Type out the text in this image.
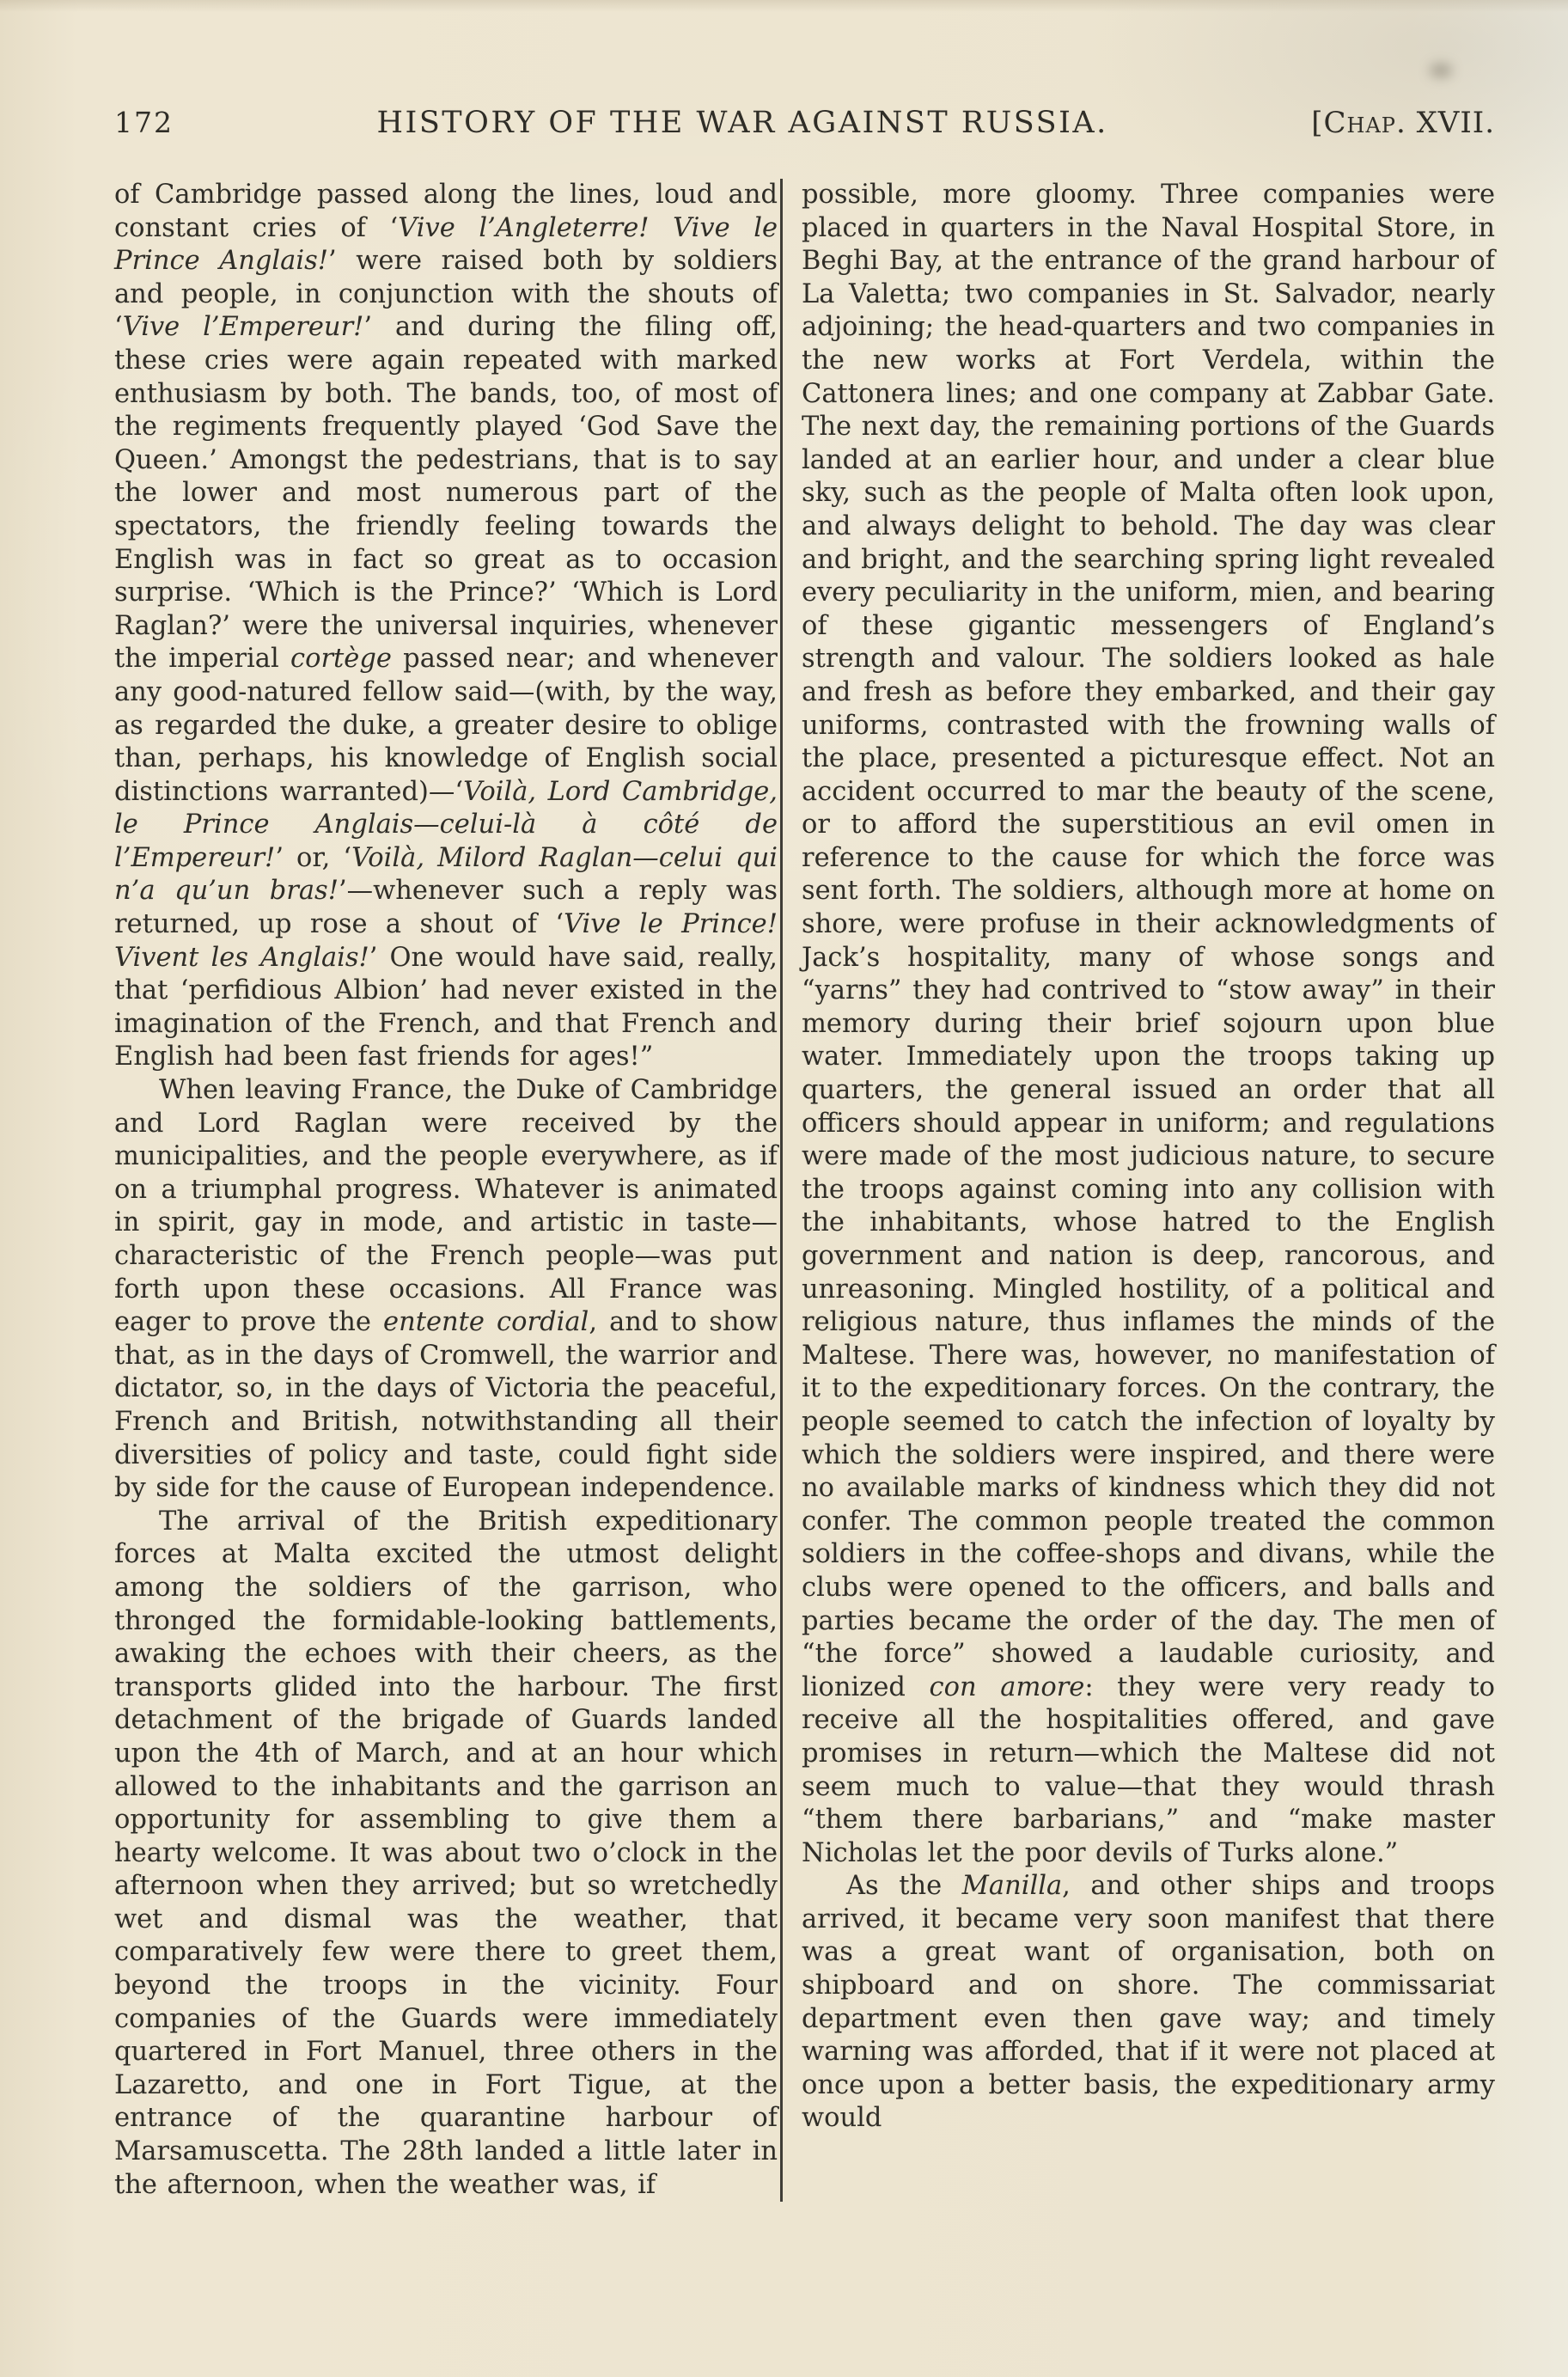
172	HISTORY OF THE WAR AGAINST RUSSIA.	[Chap. XVII.

of Cambridge passed along the lines, loud and constant cries of ‘Vive l’Angleterre! Vive le Prince Anglais!’ were raised both by soldiers and people, in conjunction with the shouts of ‘Vive l’Empereur!’ and during the filing off, these cries were again repeated with marked enthusiasm by both. The bands, too, of most of the regiments frequently played ‘God Save the Queen.’ Amongst the pedestrians, that is to say the lower and most numerous part of the spectators, the friendly feeling towards the English was in fact so great as to occasion surprise. ‘Which is the Prince?’ ‘Which is Lord Raglan?’ were the universal inquiries, whenever the imperial cortège passed near; and whenever any good-natured fellow said—(with, by the way, as regarded the duke, a greater desire to oblige than, perhaps, his knowledge of English social distinctions warranted)—‘Voilà, Lord Cambridge, le Prince Anglais—celui-là à côté de l’Empereur!’ or, ‘Voilà, Milord Raglan—celui qui n’a qu’un bras!’—whenever such a reply was returned, up rose a shout of ‘Vive le Prince! Vivent les Anglais!’ One would have said, really, that ‘perfidious Albion’ had never existed in the imagination of the French, and that French and English had been fast friends for ages!”

When leaving France, the Duke of Cambridge and Lord Raglan were received by the municipalities, and the people everywhere, as if on a triumphal progress. Whatever is animated in spirit, gay in mode, and artistic in taste—characteristic of the French people—was put forth upon these occasions. All France was eager to prove the entente cordial, and to show that, as in the days of Cromwell, the warrior and dictator, so, in the days of Victoria the peaceful, French and British, notwithstanding all their diversities of policy and taste, could fight side by side for the cause of European independence.

The arrival of the British expeditionary forces at Malta excited the utmost delight among the soldiers of the garrison, who thronged the formidable-looking battlements, awaking the echoes with their cheers, as the transports glided into the harbour. The first detachment of the brigade of Guards landed upon the 4th of March, and at an hour which allowed to the inhabitants and the garrison an opportunity for assembling to give them a hearty welcome. It was about two o’clock in the afternoon when they arrived; but so wretchedly wet and dismal was the weather, that comparatively few were there to greet them, beyond the troops in the vicinity. Four companies of the Guards were immediately quartered in Fort Manuel, three others in the Lazaretto, and one in Fort Tigue, at the entrance of the quarantine harbour of Marsamuscetta. The 28th landed a little later in the afternoon, when the weather was, if

possible, more gloomy. Three companies were placed in quarters in the Naval Hospital Store, in Beghi Bay, at the entrance of the grand harbour of La Valetta; two companies in St. Salvador, nearly adjoining; the head-quarters and two companies in the new works at Fort Verdela, within the Cattonera lines; and one company at Zabbar Gate. The next day, the remaining portions of the Guards landed at an earlier hour, and under a clear blue sky, such as the people of Malta often look upon, and always delight to behold. The day was clear and bright, and the searching spring light revealed every peculiarity in the uniform, mien, and bearing of these gigantic messengers of England’s strength and valour. The soldiers looked as hale and fresh as before they embarked, and their gay uniforms, contrasted with the frowning walls of the place, presented a picturesque effect. Not an accident occurred to mar the beauty of the scene, or to afford the superstitious an evil omen in reference to the cause for which the force was sent forth. The soldiers, although more at home on shore, were profuse in their acknowledgments of Jack’s hospitality, many of whose songs and “yarns” they had contrived to “stow away” in their memory during their brief sojourn upon blue water. Immediately upon the troops taking up quarters, the general issued an order that all officers should appear in uniform; and regulations were made of the most judicious nature, to secure the troops against coming into any collision with the inhabitants, whose hatred to the English government and nation is deep, rancorous, and unreasoning. Mingled hostility, of a political and religious nature, thus inflames the minds of the Maltese. There was, however, no manifestation of it to the expeditionary forces. On the contrary, the people seemed to catch the infection of loyalty by which the soldiers were inspired, and there were no available marks of kindness which they did not confer. The common people treated the common soldiers in the coffee-shops and divans, while the clubs were opened to the officers, and balls and parties became the order of the day. The men of “the force” showed a laudable curiosity, and lionized con amore: they were very ready to receive all the hospitalities offered, and gave promises in return—which the Maltese did not seem much to value—that they would thrash “them there barbarians,” and “make master Nicholas let the poor devils of Turks alone.”

As the Manilla, and other ships and troops arrived, it became very soon manifest that there was a great want of organisation, both on shipboard and on shore. The commissariat department even then gave way; and timely warning was afforded, that if it were not placed at once upon a better basis, the expeditionary army would
